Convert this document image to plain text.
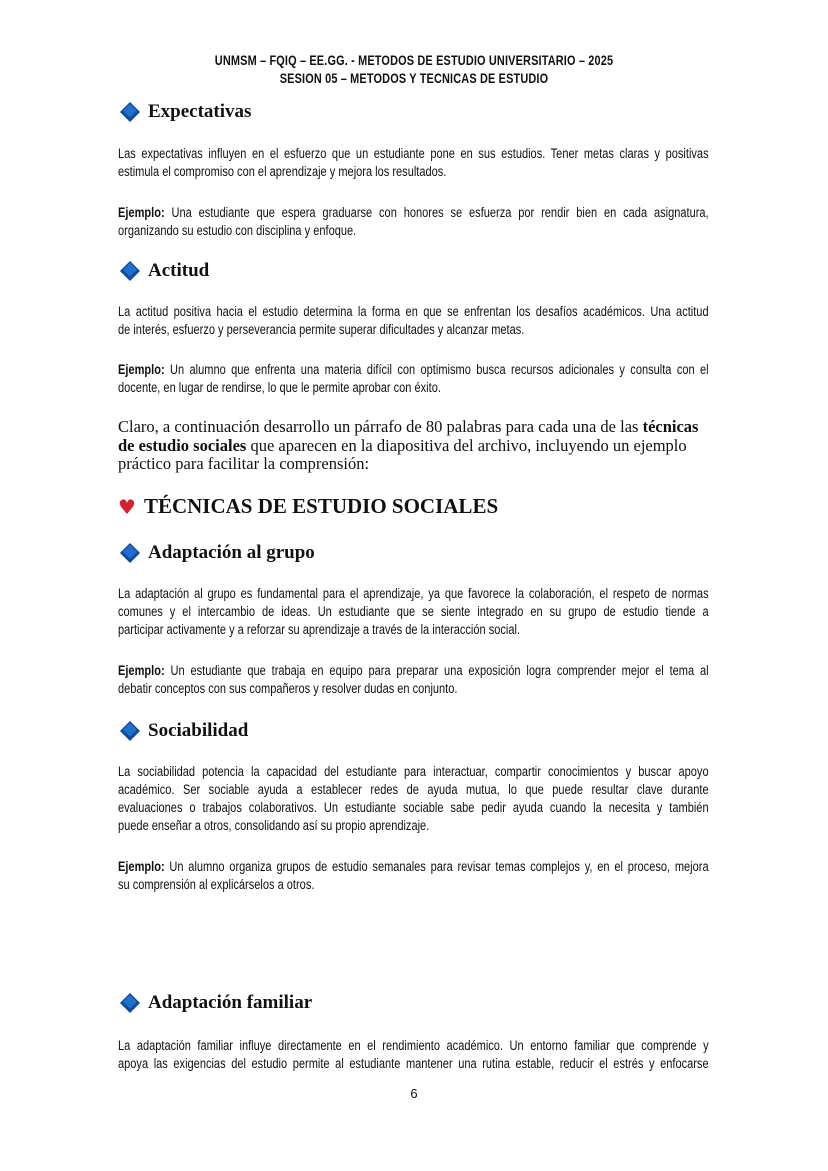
UNMSM – FQIQ – EE.GG. - METODOS DE ESTUDIO UNIVERSITARIO – 2025
SESION 05 – METODOS Y TECNICAS DE ESTUDIO
Expectativas
Las expectativas influyen en el esfuerzo que un estudiante pone en sus estudios. Tener metas claras y positivas
estimula el compromiso con el aprendizaje y mejora los resultados.
Ejemplo: Una estudiante que espera graduarse con honores se esfuerza por rendir bien en cada asignatura,
organizando su estudio con disciplina y enfoque.
Actitud
La actitud positiva hacia el estudio determina la forma en que se enfrentan los desafíos académicos. Una actitud
de interés, esfuerzo y perseverancia permite superar dificultades y alcanzar metas.
Ejemplo: Un alumno que enfrenta una materia difícil con optimismo busca recursos adicionales y consulta con el
docente, en lugar de rendirse, lo que le permite aprobar con éxito.
Claro, a continuación desarrollo un párrafo de 80 palabras para cada una de las técnicas
de estudio sociales que aparecen en la diapositiva del archivo, incluyendo un ejemplo
práctico para facilitar la comprensión:
♥ TÉCNICAS DE ESTUDIO SOCIALES
Adaptación al grupo
La adaptación al grupo es fundamental para el aprendizaje, ya que favorece la colaboración, el respeto de normas
comunes y el intercambio de ideas. Un estudiante que se siente integrado en su grupo de estudio tiende a
participar activamente y a reforzar su aprendizaje a través de la interacción social.
Ejemplo: Un estudiante que trabaja en equipo para preparar una exposición logra comprender mejor el tema al
debatir conceptos con sus compañeros y resolver dudas en conjunto.
Sociabilidad
La sociabilidad potencia la capacidad del estudiante para interactuar, compartir conocimientos y buscar apoyo
académico. Ser sociable ayuda a establecer redes de ayuda mutua, lo que puede resultar clave durante
evaluaciones o trabajos colaborativos. Un estudiante sociable sabe pedir ayuda cuando la necesita y también
puede enseñar a otros, consolidando así su propio aprendizaje.
Ejemplo: Un alumno organiza grupos de estudio semanales para revisar temas complejos y, en el proceso, mejora
su comprensión al explicárselos a otros.
Adaptación familiar
La adaptación familiar influye directamente en el rendimiento académico. Un entorno familiar que comprende y
apoya las exigencias del estudio permite al estudiante mantener una rutina estable, reducir el estrés y enfocarse
6
